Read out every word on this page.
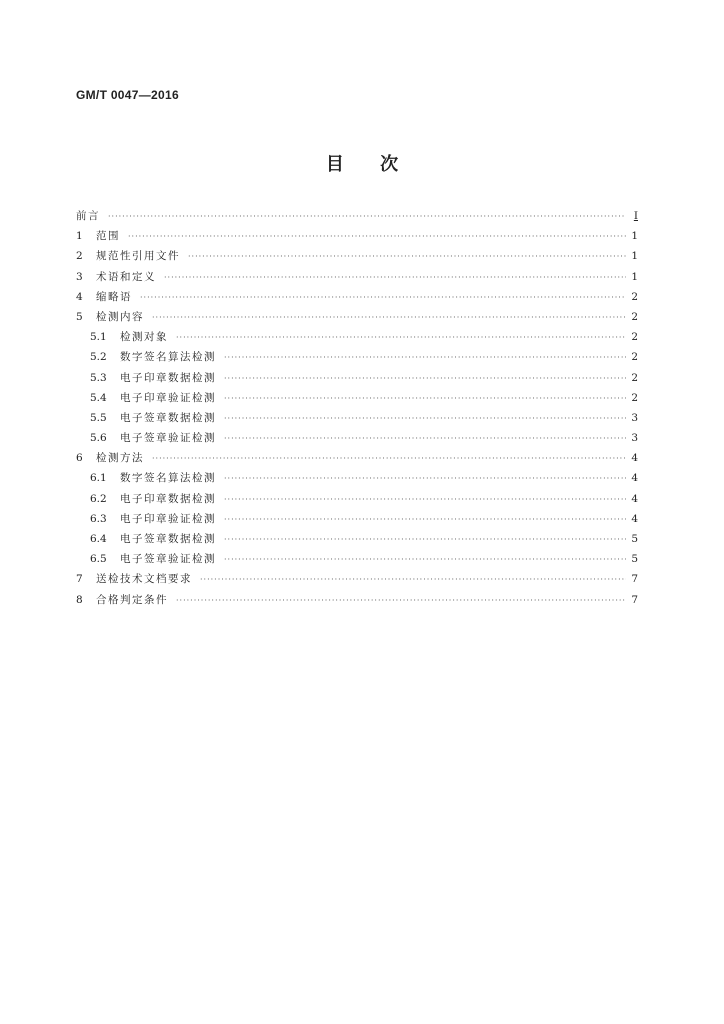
GM/T 0047—2016
目 次
前言 ·····	Ⅰ
1	范围 ·····	1
2	规范性引用文件 ·····	1
3	术语和定义 ·····	1
4	缩略语 ·····	2
5	检测内容 ·····	2
5.1	检测对象 ·····	2
5.2	数字签名算法检测 ·····	2
5.3	电子印章数据检测 ·····	2
5.4	电子印章验证检测 ·····	2
5.5	电子签章数据检测 ·····	3
5.6	电子签章验证检测 ·····	3
6	检测方法 ·····	4
6.1	数字签名算法检测 ·····	4
6.2	电子印章数据检测 ·····	4
6.3	电子印章验证检测 ·····	4
6.4	电子签章数据检测 ·····	5
6.5	电子签章验证检测 ·····	5
7	送检技术文档要求 ·····	7
8	合格判定条件 ·····	7
